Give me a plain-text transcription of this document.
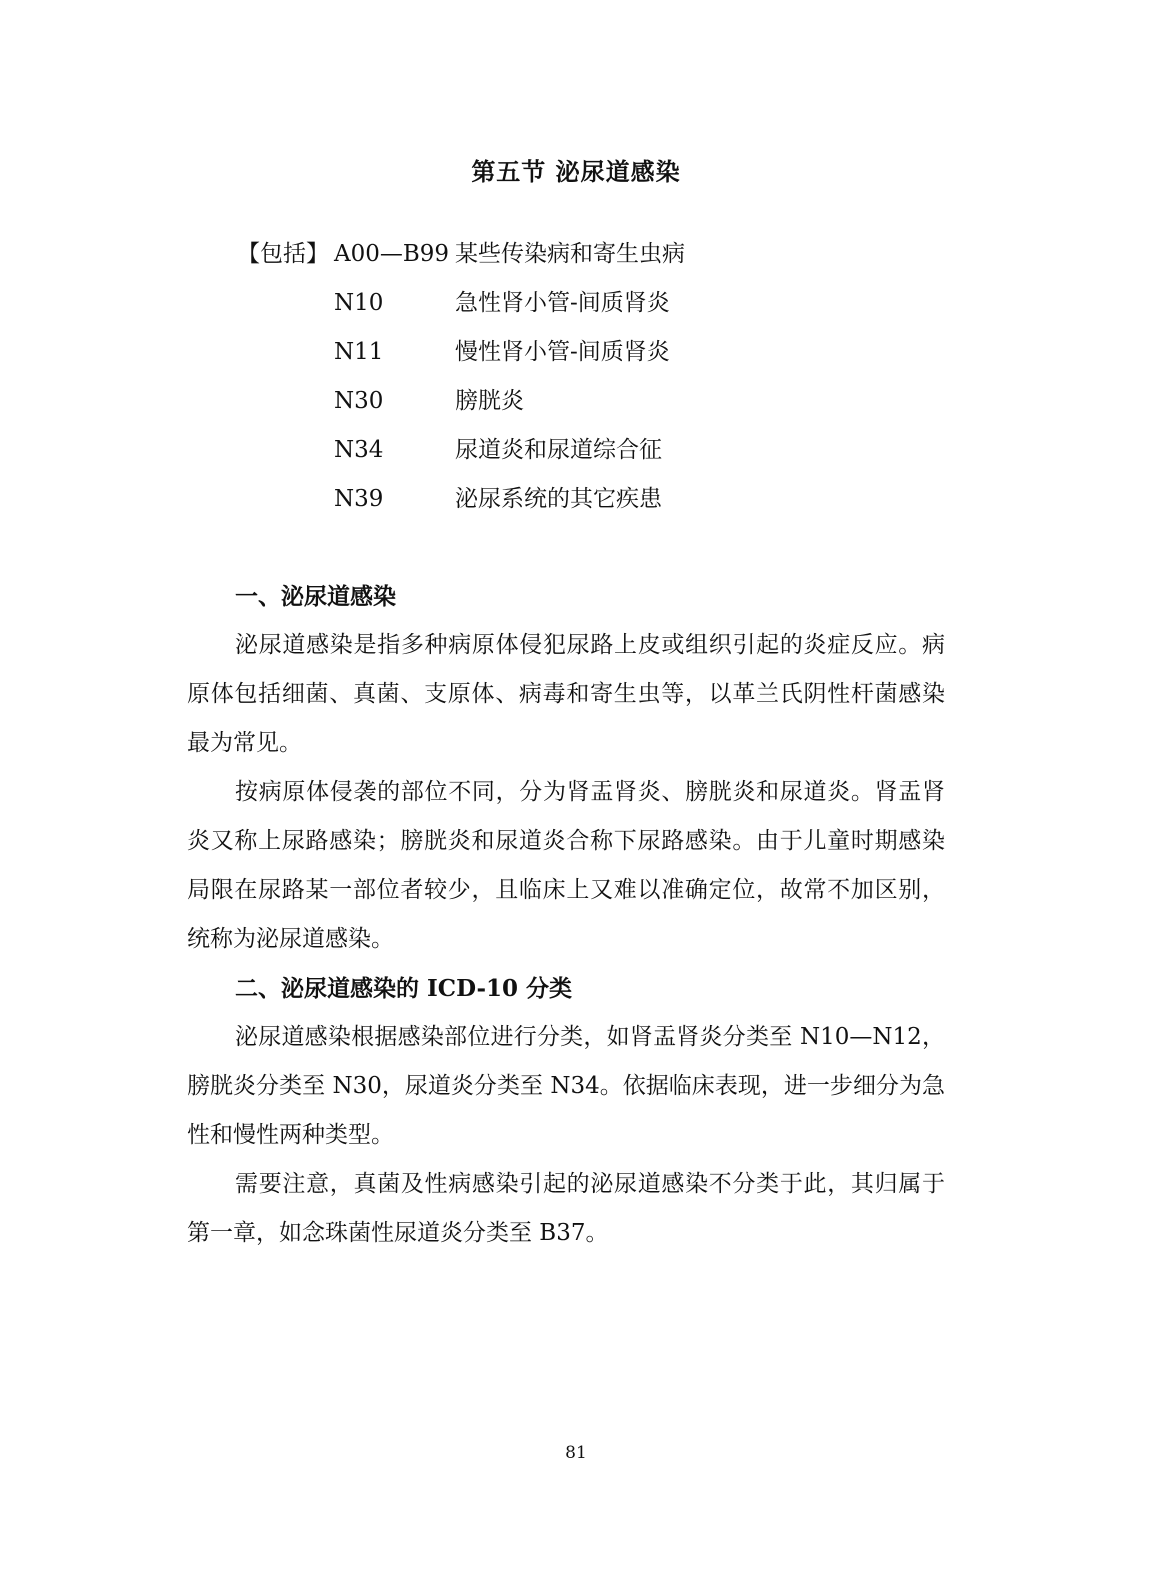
第五节 泌尿道感染
【包括】 A00—B99 某些传染病和寄生虫病
N10	急性肾小管-间质肾炎
N11	慢性肾小管-间质肾炎
N30	膀胱炎
N34	尿道炎和尿道综合征
N39	泌尿系统的其它疾患
一、泌尿道感染

泌尿道感染是指多种病原体侵犯尿路上皮或组织引起的炎症反应。病原体包括细菌、真菌、支原体、病毒和寄生虫等，以革兰氏阴性杆菌感染最为常见。

按病原体侵袭的部位不同，分为肾盂肾炎、膀胱炎和尿道炎。肾盂肾炎又称上尿路感染；膀胱炎和尿道炎合称下尿路感染。由于儿童时期感染局限在尿路某一部位者较少，且临床上又难以准确定位，故常不加区别，统称为泌尿道感染。

二、泌尿道感染的 ICD-10 分类

泌尿道感染根据感染部位进行分类，如肾盂肾炎分类至 N10—N12，膀胱炎分类至 N30，尿道炎分类至 N34。依据临床表现，进一步细分为急性和慢性两种类型。

需要注意，真菌及性病感染引起的泌尿道感染不分类于此，其归属于第一章，如念珠菌性尿道炎分类至 B37。

81
